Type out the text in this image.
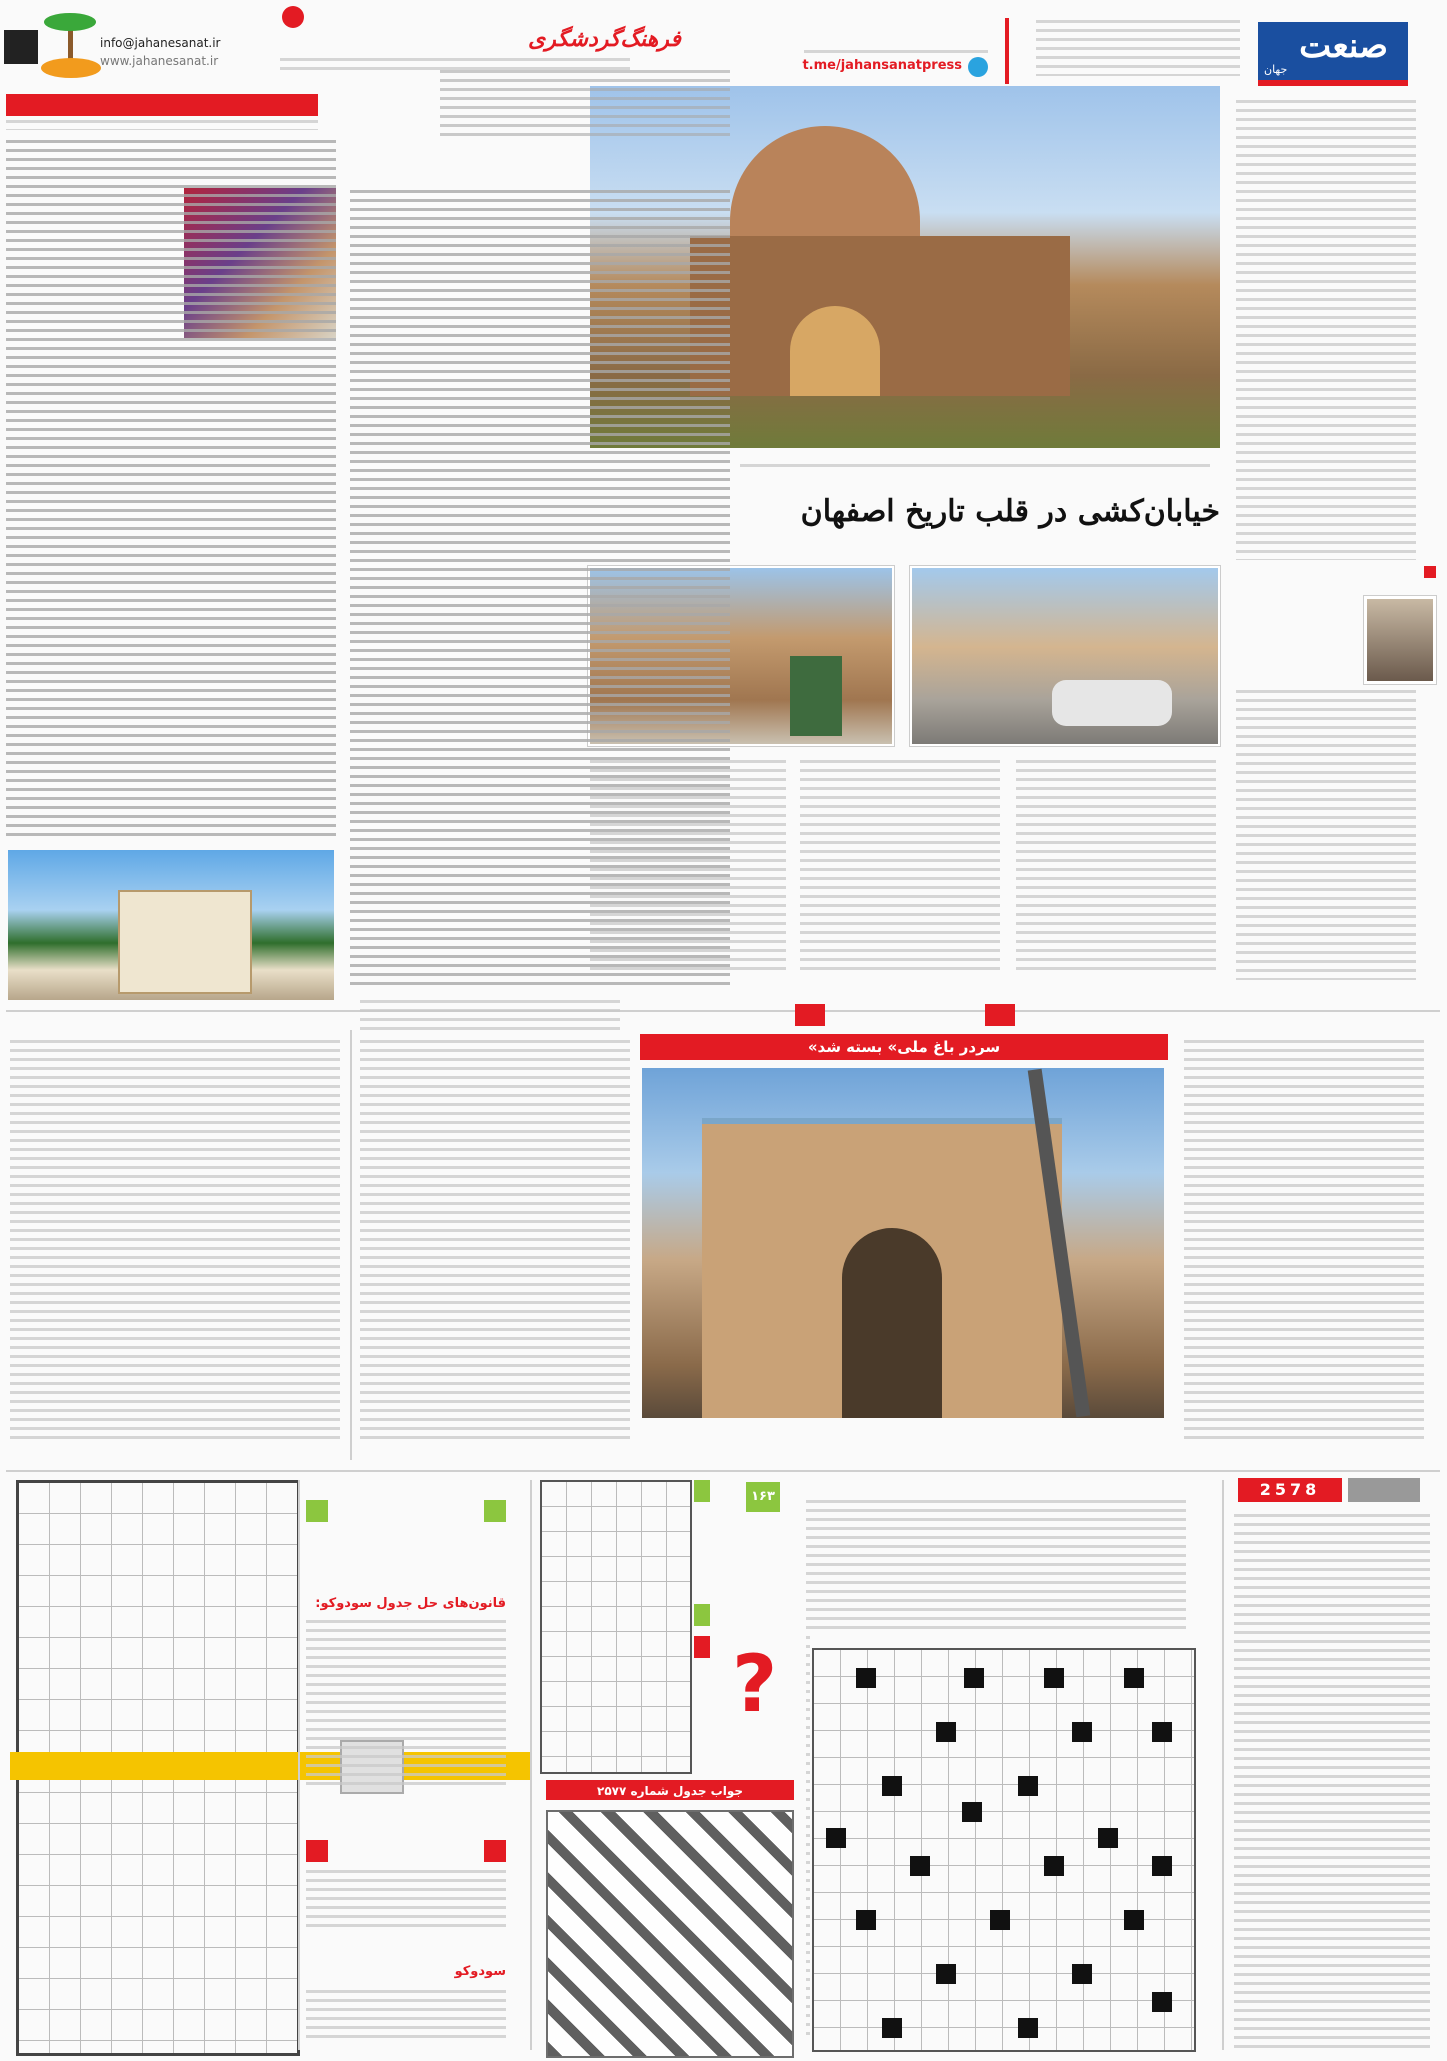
صنعت
جهان
t.me/jahansanatpress
فرهنگ‌گردشگری
info@jahanesanat.ir
www.jahanesanat.ir
خیابان‌کشی در قلب تاریخ اصفهان
«سردر باغ ملی» بسته شد
قانون‌های حل جدول سودوکو:
سودوکو
?
جواب جدول شماره ۲۵۷۷
۱۶۳	2578
